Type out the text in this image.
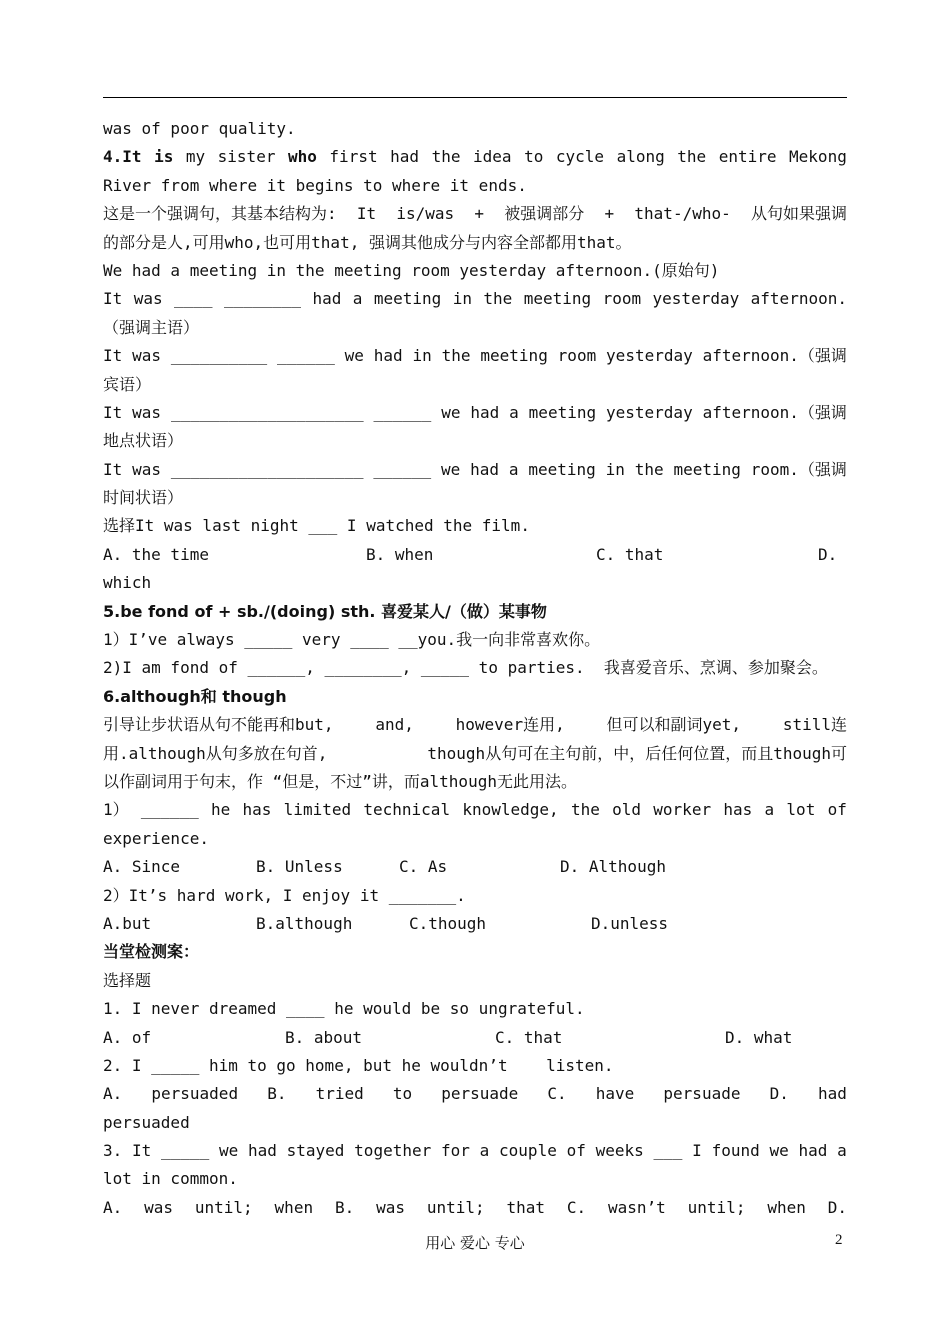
was of poor quality.
4.It is my sister who first had the idea to cycle along the entire Mekong
River from where it begins to where it ends.
这是一个强调句，其基本结构为: It is/was + 被强调部分 + that-/who- 从句如果强调
的部分是人,可用who,也可用that, 强调其他成分与内容全部都用that。
We had a meeting in the meeting room yesterday afternoon.(原始句)
It was ____ ________ had a meeting in the meeting room yesterday afternoon.
（强调主语）
It was __________ ______ we had in the meeting room yesterday afternoon.（强调
宾语）
It was ____________________ ______ we had a meeting yesterday afternoon.（强调
地点状语）
It was ____________________ ______ we had a meeting in the meeting room.（强调
时间状语）
选择It was last night ___ I watched the film.
A. the time	B. when	C. that	D.
which
5.be fond of + sb./(doing) sth. 喜爱某人/（做）某事物
1）I’ve always _____ very ____ __you.我一向非常喜欢你。
2)I am fond of ______, ________, _____ to parties.  我喜爱音乐、烹调、参加聚会。
6.although和 though
引导让步状语从句不能再和but,	and,	however连用,	但可以和副词yet,	still连
用.although从句多放在句首,	though从句可在主句前，中，后任何位置，而且though可
以作副词用于句末，作 “但是，不过”讲，而although无此用法。
1） ______ he has limited technical knowledge, the old worker has a lot of
experience.
A. Since	B. Unless	C. As	D. Although
2）It’s hard work, I enjoy it _______.
A.but	B.although	C.though	D.unless
当堂检测案：
选择题
1. I never dreamed ____ he would be so ungrateful.
A. of	B. about	C. that	D. what
2. I _____ him to go home, but he wouldn’t    listen.
A. persuaded B. tried to persuade C. have persuade D. had
persuaded
3. It _____ we had stayed together for a couple of weeks ___ I found we had a
lot in common.
A. was until; when B. was until; that C. wasn’t until; when D.
用心 爱心 专心	2
